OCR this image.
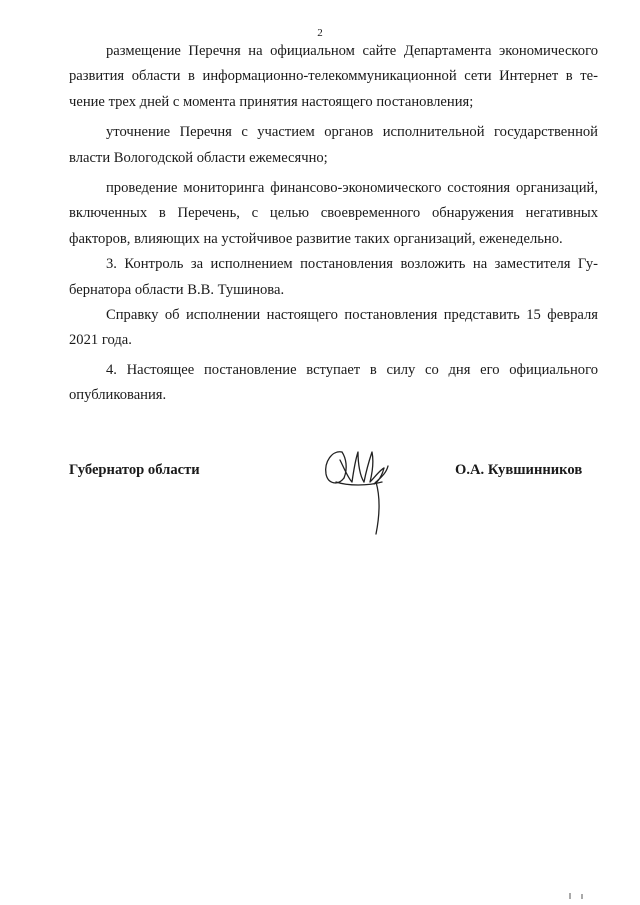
2

размещение Перечня на официальном сайте Департамента экономического развития области в информационно-телекоммуникационной сети Интернет в течение трех дней с момента принятия настоящего постановления;

уточнение Перечня с участием органов исполнительной государственной власти Вологодской области ежемесячно;

проведение мониторинга финансово-экономического состояния организаций, включенных в Перечень, с целью своевременного обнаружения негативных факторов, влияющих на устойчивое развитие таких организаций, еженедельно.

3. Контроль за исполнением постановления возложить на заместителя Губернатора области В.В. Тушинова.

Справку об исполнении настоящего постановления представить 15 февраля 2021 года.

4. Настоящее постановление вступает в силу со дня его официального опубликования.

Губернатор области	О.А. Кувшинников
